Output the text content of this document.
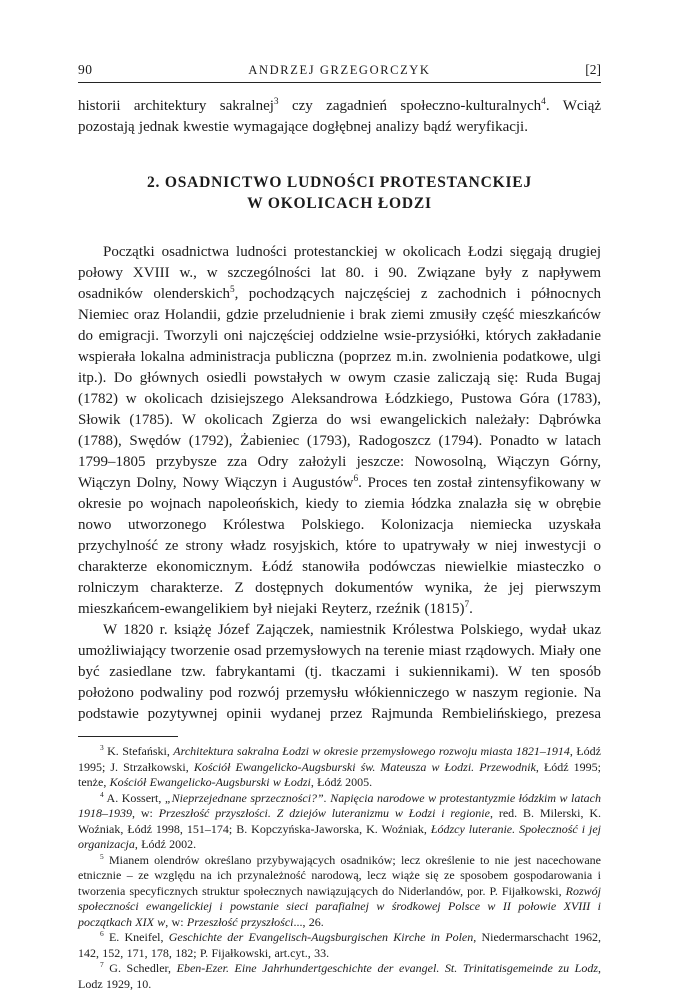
90	ANDRZEJ GRZEGORCZYK	[2]

historii architektury sakralnej$^3$ czy zagadnień społeczno-kulturalnych$^4$. Wciąż pozostają jednak kwestie wymagające dogłębnej analizy bądź weryfikacji.

2. OSADNICTWO LUDNOŚCI PROTESTANCKIEJ
W OKOLICACH ŁODZI

Początki osadnictwa ludności protestanckiej w okolicach Łodzi sięgają drugiej połowy XVIII w., w szczególności lat 80. i 90. Związane były z napływem osadników olenderskich$^5$, pochodzących najczęściej z zachodnich i północnych Niemiec oraz Holandii, gdzie przeludnienie i brak ziemi zmusiły część mieszkańców do emigracji. Tworzyli oni najczęściej oddzielne wsie-przysiółki, których zakładanie wspierała lokalna administracja publiczna (poprzez m.in. zwolnienia podatkowe, ulgi itp.). Do głównych osiedli powstałych w owym czasie zaliczają się: Ruda Bugaj (1782) w okolicach dzisiejszego Aleksandrowa Łódzkiego, Pustowa Góra (1783), Słowik (1785). W okolicach Zgierza do wsi ewangelickich należały: Dąbrówka (1788), Swędów (1792), Żabieniec (1793), Radogoszcz (1794). Ponadto w latach 1799–1805 przybysze zza Odry założyli jeszcze: Nowosolną, Wiączyn Górny, Wiączyn Dolny, Nowy Wiączyn i Augustów$^6$. Proces ten został zintensyfikowany w okresie po wojnach napoleońskich, kiedy to ziemia łódzka znalazła się w obrębie nowo utworzonego Królestwa Polskiego. Kolonizacja niemiecka uzyskała przychylność ze strony władz rosyjskich, które to upatrywały w niej inwestycji o charakterze ekonomicznym. Łódź stanowiła podówczas niewielkie miasteczko o rolniczym charakterze. Z dostępnych dokumentów wynika, że jej pierwszym mieszkańcem-ewangelikiem był niejaki Reyterz, rzeźnik $(1815)^7$.

W 1820 r. książę Józef Zajączek, namiestnik Królestwa Polskiego, wydał ukaz umożliwiający tworzenie osad przemysłowych na terenie miast rządowych. Miały one być zasiedlane tzw. fabrykantami (tj. tkaczami i sukiennikami). W ten sposób położono podwaliny pod rozwój przemysłu włókienniczego w naszym regionie. Na podstawie pozytywnej opinii wydanej przez Rajmunda Rembielińskiego, prezesa

$^3$ K. Stefański, Architektura sakralna Łodzi w okresie przemysłowego rozwoju miasta 1821–1914, Łódź 1995; J. Strzałkowski, Kościół Ewangelicko-Augsburski św. Mateusza w Łodzi. Przewodnik, Łódź 1995; tenże, Kościół Ewangelicko-Augsburski w Łodzi, Łódź 2005.

$^4$ A. Kossert, „Nieprzejednane sprzeczności?”. Napięcia narodowe w protestantyzmie łódzkim w latach 1918–1939, w: Przeszłość przyszłości. Z dziejów luteranizmu w Łodzi i regionie, red. B. Milerski, K. Woźniak, Łódź 1998, 151–174; B. Kopczyńska-Jaworska, K. Woźniak, Łódzcy luteranie. Społeczność i jej organizacja, Łódź 2002.

$^5$ Mianem olendrów określano przybywających osadników; lecz określenie to nie jest nacechowane etnicznie – ze względu na ich przynależność narodową, lecz wiąże się ze sposobem gospodarowania i tworzenia specyficznych struktur społecznych nawiązujących do Niderlandów, por. P. Fijałkowski, Rozwój społeczności ewangelickiej i powstanie sieci parafialnej w środkowej Polsce w II połowie XVIII i początkach XIX w, w: Przeszłość przyszłości..., 26.

$^6$ E. Kneifel, Geschichte der Evangelisch-Augsburgischen Kirche in Polen, Niedermarschacht 1962, 142, 152, 171, 178, 182; P. Fijałkowski, art.cyt., 33.

$^7$ G. Schedler, Eben-Ezer. Eine Jahrhundertgeschichte der evangel. St. Trinitatisgemeinde zu Lodz, Lodz 1929, 10.
